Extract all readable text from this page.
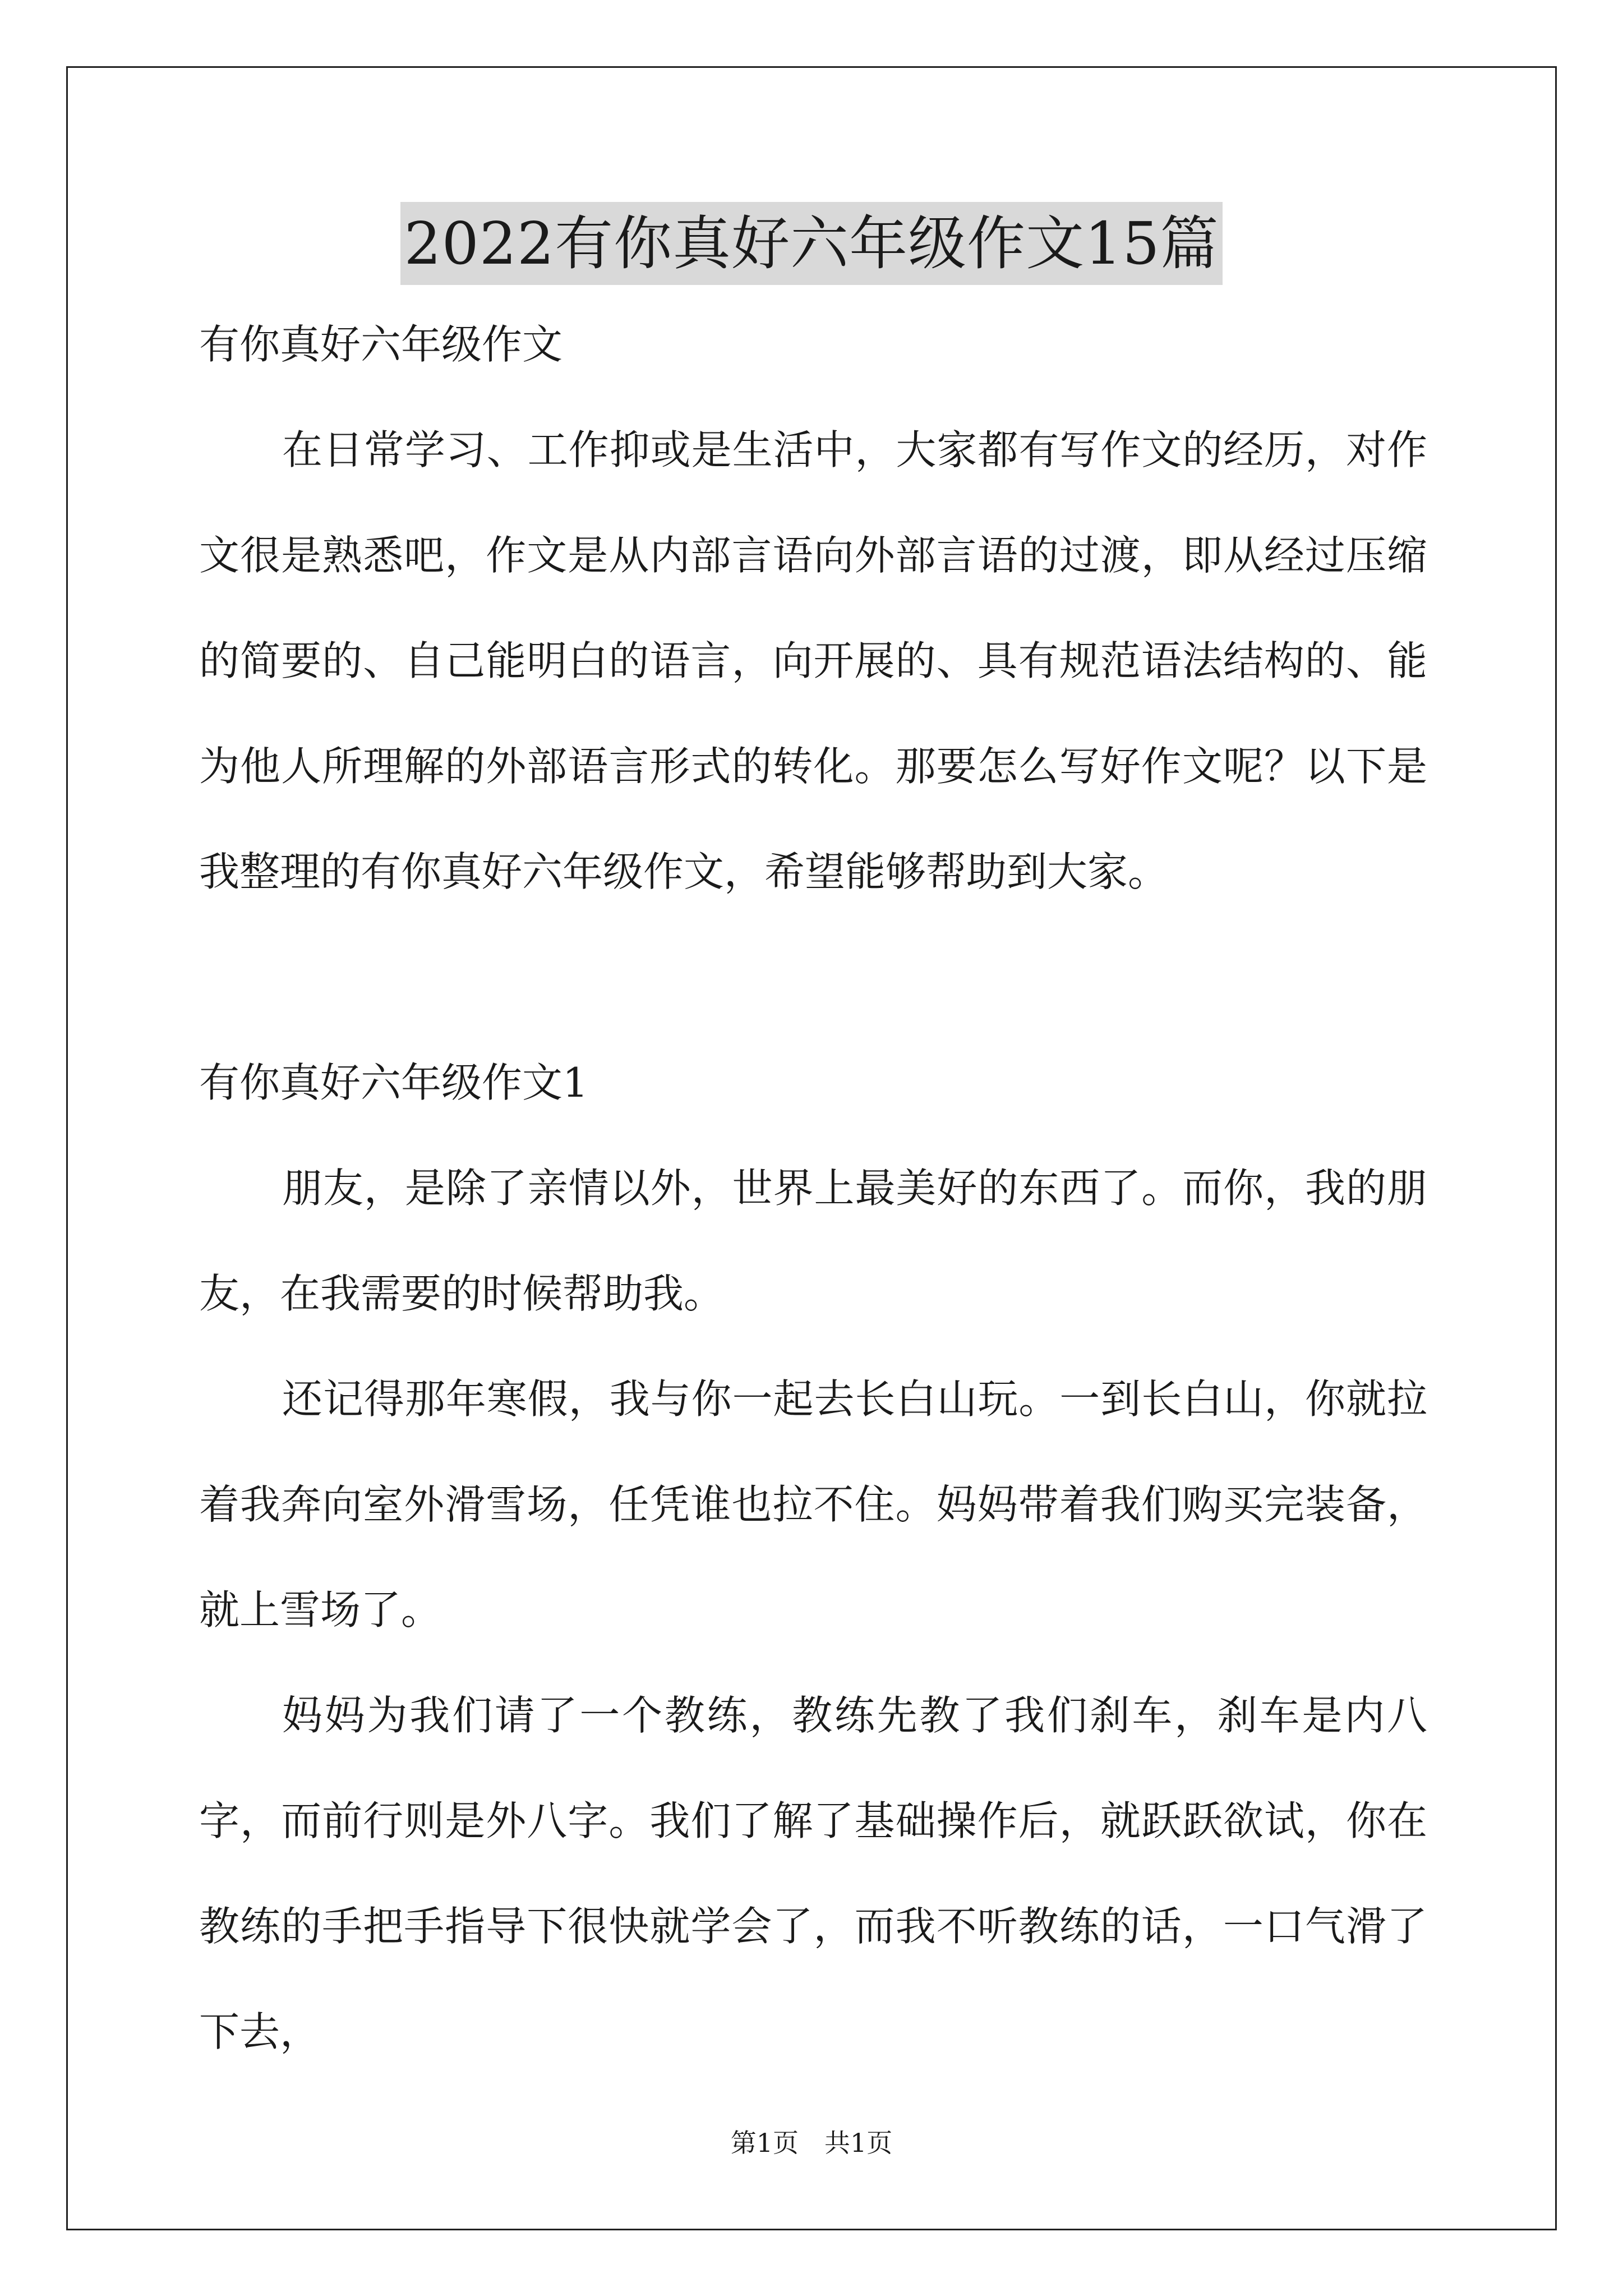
2022有你真好六年级作文15篇

有你真好六年级作文

在日常学习、工作抑或是生活中，大家都有写作文的经历，对作文很是熟悉吧，作文是从内部言语向外部言语的过渡，即从经过压缩的简要的、自己能明白的语言，向开展的、具有规范语法结构的、能为他人所理解的外部语言形式的转化。那要怎么写好作文呢？以下是我整理的有你真好六年级作文，希望能够帮助到大家。

有你真好六年级作文1

朋友，是除了亲情以外，世界上最美好的东西了。而你，我的朋友，在我需要的时候帮助我。

还记得那年寒假，我与你一起去长白山玩。一到长白山，你就拉着我奔向室外滑雪场，任凭谁也拉不住。妈妈带着我们购买完装备，就上雪场了。

妈妈为我们请了一个教练，教练先教了我们刹车，刹车是内八字，而前行则是外八字。我们了解了基础操作后，就跃跃欲试，你在教练的手把手指导下很快就学会了，而我不听教练的话，一口气滑了下去，

第1页　共1页
